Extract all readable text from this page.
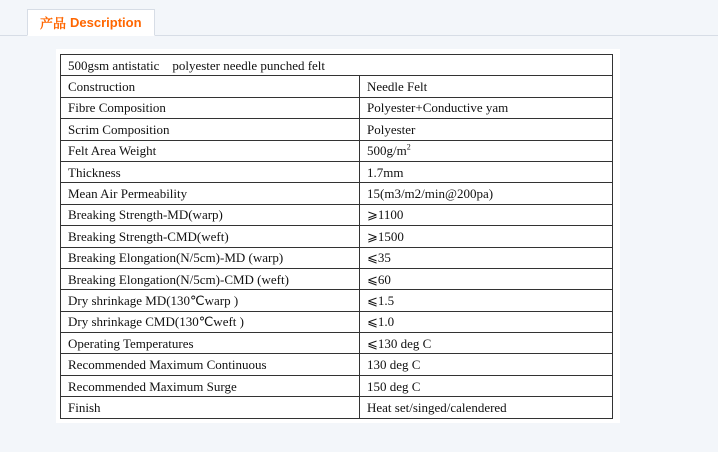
产品 Description
500gsm antistatic    polyester needle punched felt	
Construction	Needle Felt
Fibre Composition	Polyester+Conductive yam
Scrim Composition	Polyester
Felt Area Weight	$500g/m^2$
Thickness	1.7mm
Mean Air Permeability	15(m3/m2/min@200pa)
Breaking Strength-MD(warp)	⩾1100
Breaking Strength-CMD(weft)	⩾1500
Breaking Elongation(N/5cm)-MD (warp)	⩽35
Breaking Elongation(N/5cm)-CMD (weft)	⩽60
Dry shrinkage MD(130℃warp )	⩽1.5
Dry shrinkage CMD(130℃weft )	⩽1.0
Operating Temperatures	⩽130 deg C
Recommended Maximum Continuous	130 deg C
Recommended Maximum Surge	150 deg C
Finish	Heat set/singed/calendered
